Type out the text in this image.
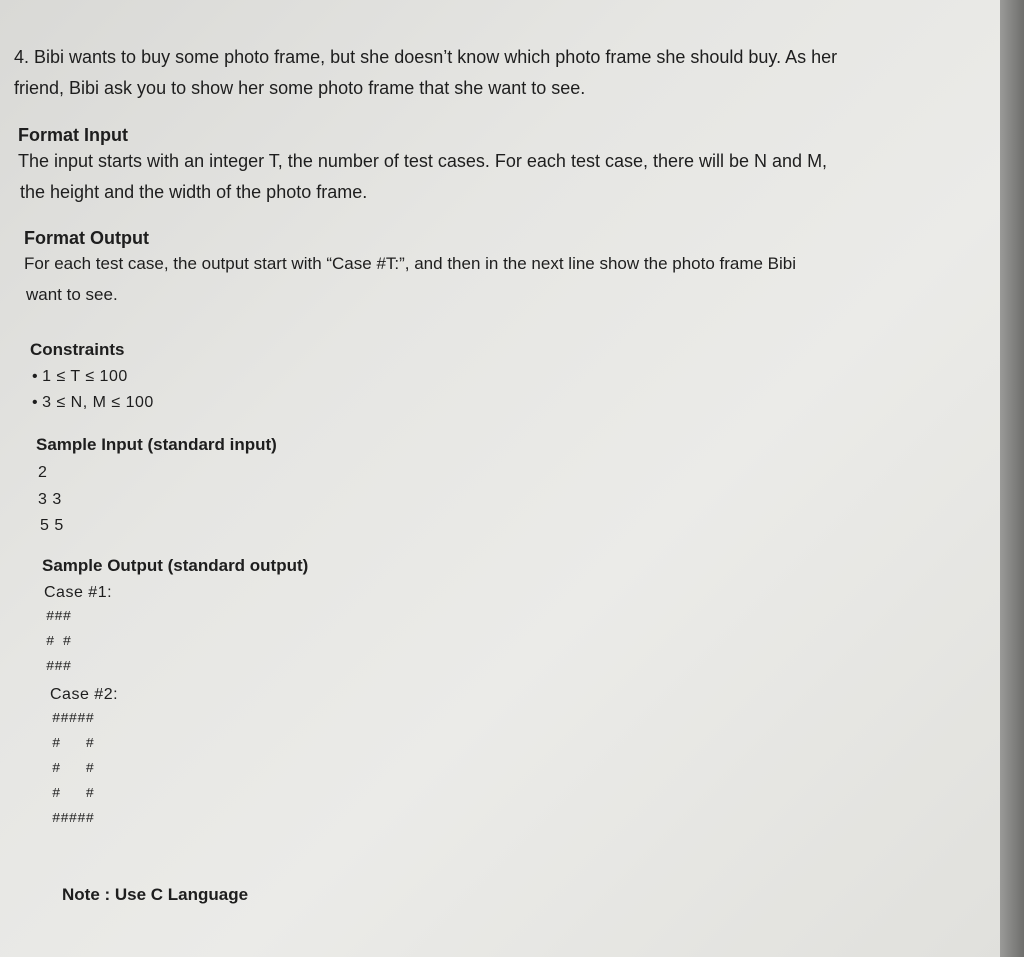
4. Bibi wants to buy some photo frame, but she doesn’t know which photo frame she should buy. As her
friend, Bibi ask you to show her some photo frame that she want to see.
Format Input
The input starts with an integer T, the number of test cases. For each test case, there will be N and M,
the height and the width of the photo frame.
Format Output
For each test case, the output start with “Case #T:”, and then in the next line show the photo frame Bibi
want to see.
Constraints
• 1 ≤ T ≤ 100
• 3 ≤ N, M ≤ 100
Sample Input (standard input)
2
3 3
5 5
Sample Output (standard output)
Case #1:
###
# #
###
Case #2:
#####
#   #
#   #
#   #
#####
Note : Use C Language
